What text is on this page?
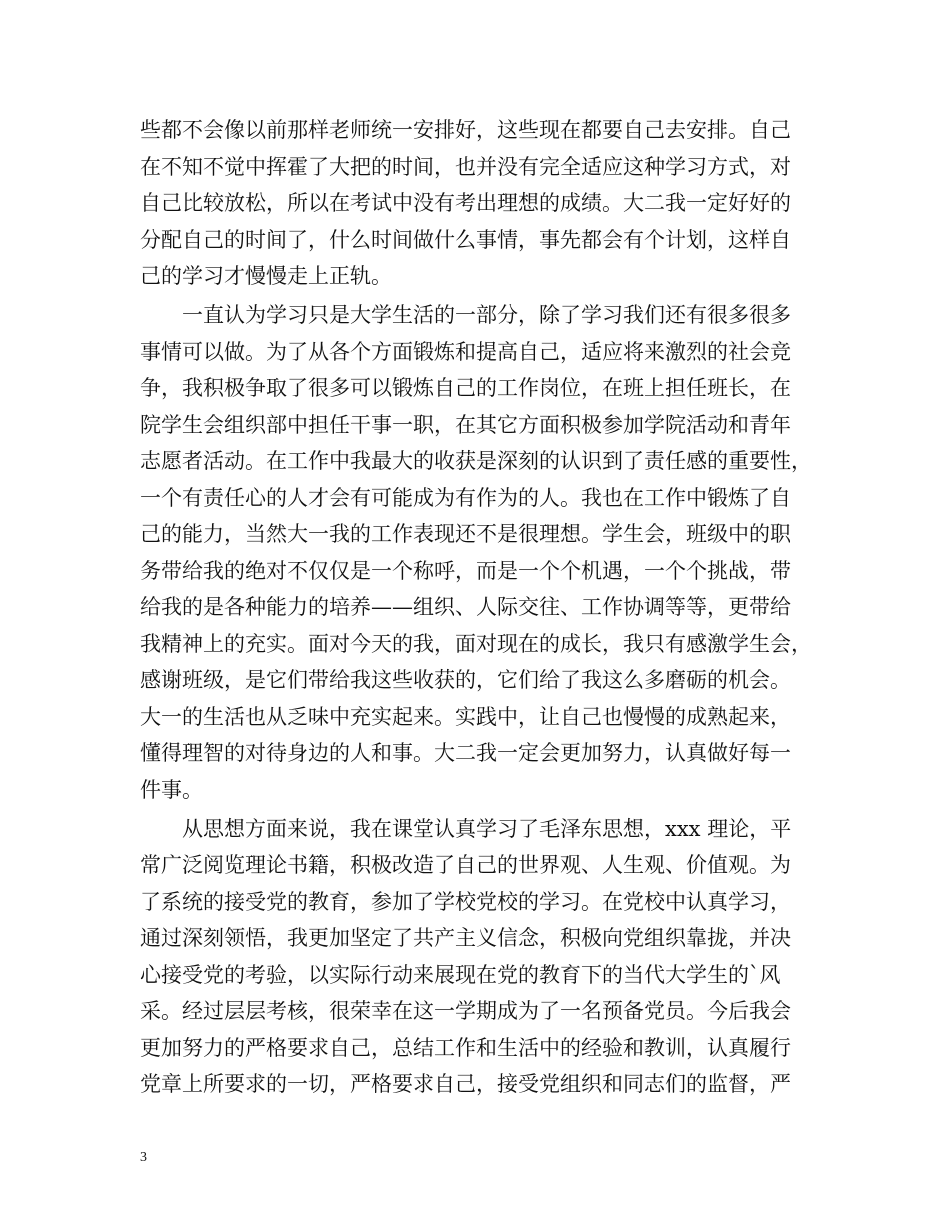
些都不会像以前那样老师统一安排好，这些现在都要自己去安排。自己
在不知不觉中挥霍了大把的时间，也并没有完全适应这种学习方式，对
自己比较放松，所以在考试中没有考出理想的成绩。大二我一定好好的
分配自己的时间了，什么时间做什么事情，事先都会有个计划，这样自
己的学习才慢慢走上正轨。
一直认为学习只是大学生活的一部分，除了学习我们还有很多很多
事情可以做。为了从各个方面锻炼和提高自己，适应将来激烈的社会竞
争，我积极争取了很多可以锻炼自己的工作岗位，在班上担任班长，在
院学生会组织部中担任干事一职，在其它方面积极参加学院活动和青年
志愿者活动。在工作中我最大的收获是深刻的认识到了责任感的重要性，
一个有责任心的人才会有可能成为有作为的人。我也在工作中锻炼了自
己的能力，当然大一我的工作表现还不是很理想。学生会，班级中的职
务带给我的绝对不仅仅是一个称呼，而是一个个机遇，一个个挑战，带
给我的是各种能力的培养——组织、人际交往、工作协调等等，更带给
我精神上的充实。面对今天的我，面对现在的成长，我只有感激学生会，
感谢班级，是它们带给我这些收获的，它们给了我这么多磨砺的机会。
大一的生活也从乏味中充实起来。实践中，让自己也慢慢的成熟起来，
懂得理智的对待身边的人和事。大二我一定会更加努力，认真做好每一
件事。
从思想方面来说，我在课堂认真学习了毛泽东思想，xxx 理论，平
常广泛阅览理论书籍，积极改造了自己的世界观、人生观、价值观。为
了系统的接受党的教育，参加了学校党校的学习。在党校中认真学习，
通过深刻领悟，我更加坚定了共产主义信念，积极向党组织靠拢，并决
心接受党的考验，以实际行动来展现在党的教育下的当代大学生的`风
采。经过层层考核，很荣幸在这一学期成为了一名预备党员。今后我会
更加努力的严格要求自己，总结工作和生活中的经验和教训，认真履行
党章上所要求的一切，严格要求自己，接受党组织和同志们的监督，严
3
